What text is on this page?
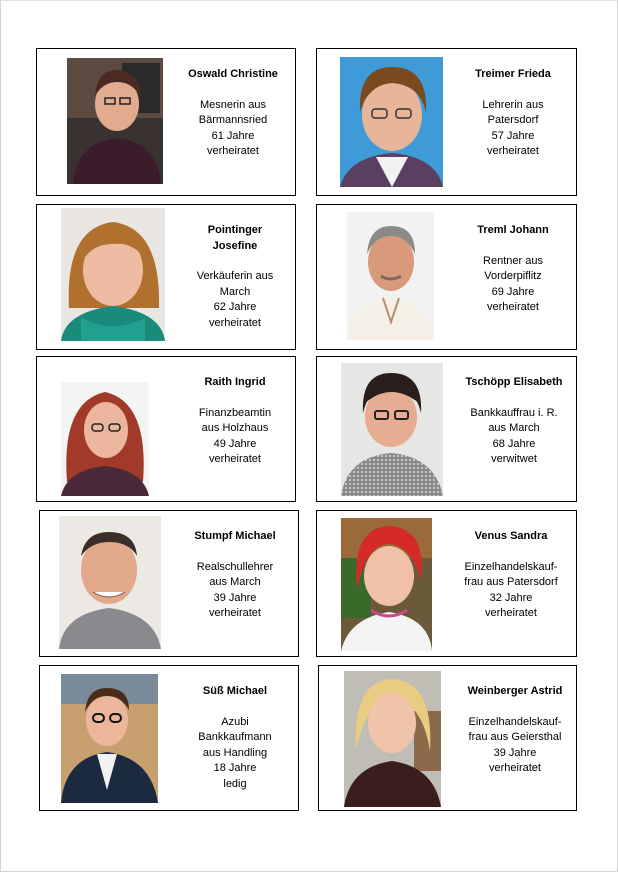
Oswald Christine
Mesnerin aus
Bärmannsried
61 Jahre
verheiratet
Treimer Frieda
Lehrerin aus
Patersdorf
57 Jahre
verheiratet
Pointinger
Josefine
Verkäuferin aus
March
62 Jahre
verheiratet
Treml Johann
Rentner aus
Vorderpiflitz
69 Jahre
verheiratet
Raith Ingrid
Finanzbeamtin
aus Holzhaus
49 Jahre
verheiratet
Tschöpp Elisabeth
Bankkauffrau i. R.
aus March
68 Jahre
verwitwet
Stumpf Michael
Realschullehrer
aus March
39 Jahre
verheiratet
Venus Sandra
Einzelhandelskauf-
frau aus Patersdorf
32 Jahre
verheiratet
Süß Michael
Azubi
Bankkaufmann
aus Handling
18 Jahre
ledig
Weinberger Astrid
Einzelhandelskauf-
frau aus Geiersthal
39 Jahre
verheiratet
